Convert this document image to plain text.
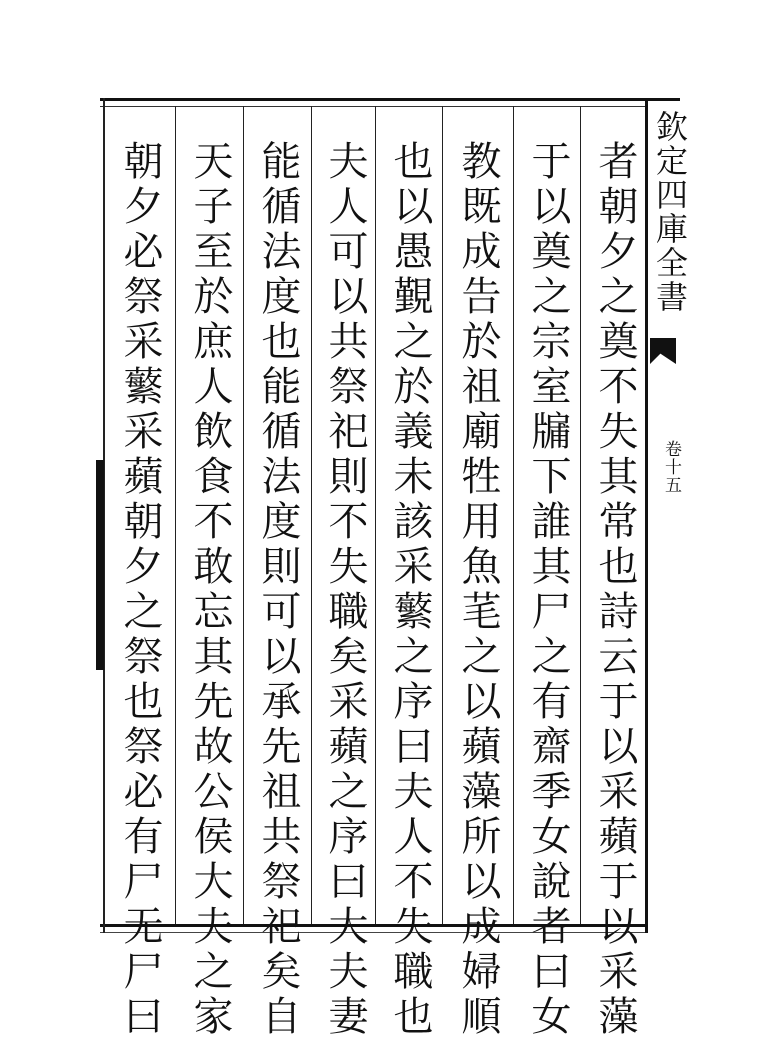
者朝夕之奠不失其常也詩云于以采蘋于以采藻
于以奠之宗室牖下誰其尸之有齋季女說者曰女
教既成告於祖廟牲用魚芼之以蘋藻所以成婦順
也以愚覲之於義未該采蘩之序曰夫人不失職也
夫人可以共祭祀則不失職矣采蘋之序曰大夫妻
能循法度也能循法度則可以承先祖共祭祀矣自
天子至於庶人飲食不敢忘其先故公侯大夫之家
朝夕必祭采蘩采蘋朝夕之祭也祭必有尸无尸曰	欽定四庫全書
卷十五
